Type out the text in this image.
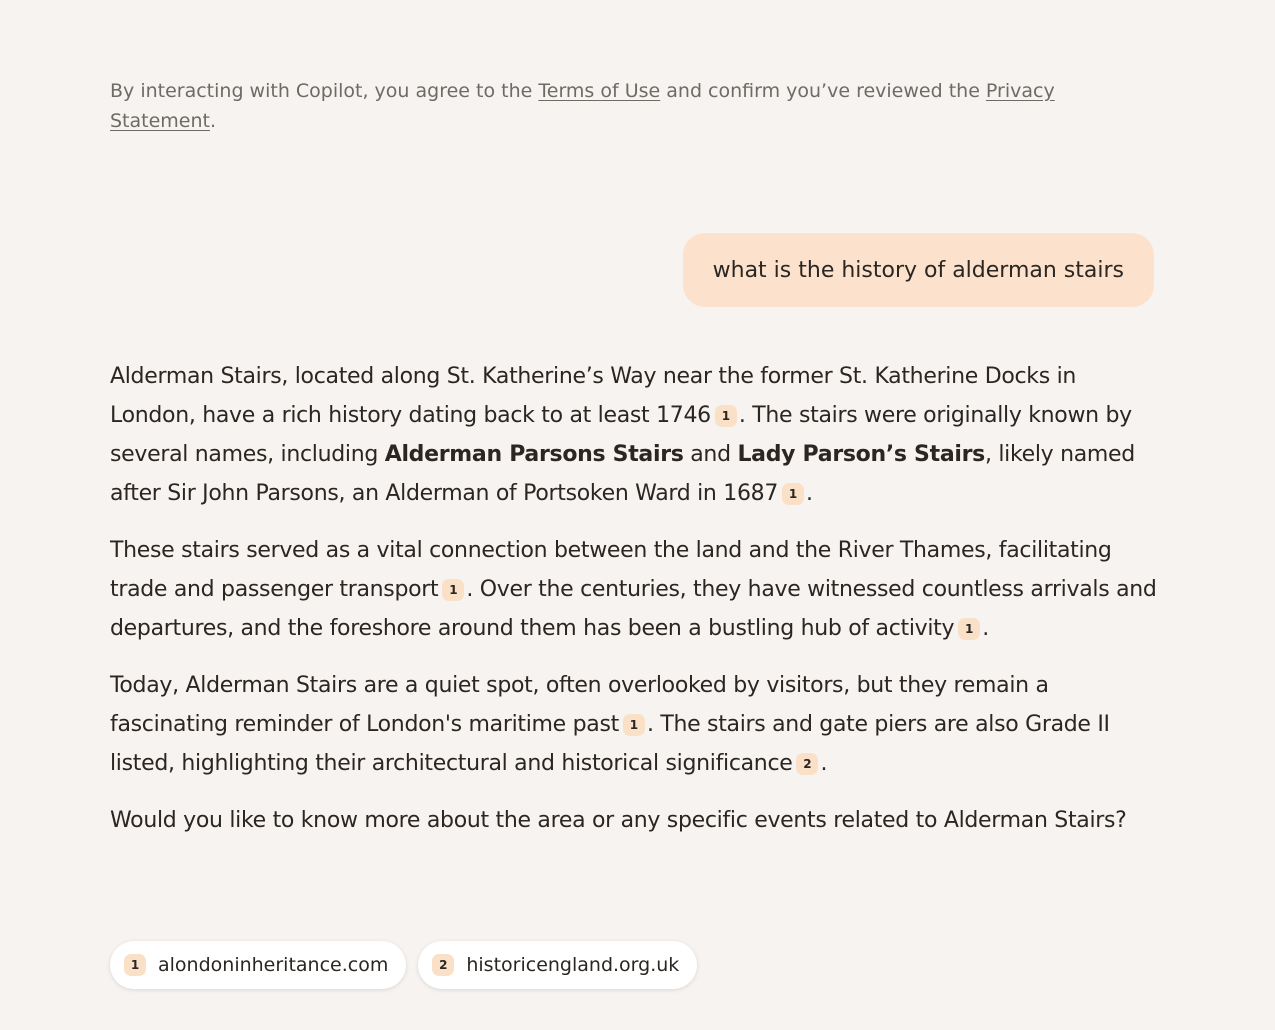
By interacting with Copilot, you agree to the Terms of Use and confirm you’ve reviewed the Privacy Statement.

what is the history of alderman stairs

Alderman Stairs, located along St. Katherine’s Way near the former St. Katherine Docks in London, have a rich history dating back to at least 1746 1 . The stairs were originally known by several names, including Alderman Parsons Stairs and Lady Parson’s Stairs, likely named after Sir John Parsons, an Alderman of Portsoken Ward in 1687 1 .

These stairs served as a vital connection between the land and the River Thames, facilitating trade and passenger transport 1 . Over the centuries, they have witnessed countless arrivals and departures, and the foreshore around them has been a bustling hub of activity 1 .

Today, Alderman Stairs are a quiet spot, often overlooked by visitors, but they remain a fascinating reminder of London's maritime past 1 . The stairs and gate piers are also Grade II listed, highlighting their architectural and historical significance 2 .

Would you like to know more about the area or any specific events related to Alderman Stairs?

1 alondoninheritance.com	2 historicengland.org.uk
